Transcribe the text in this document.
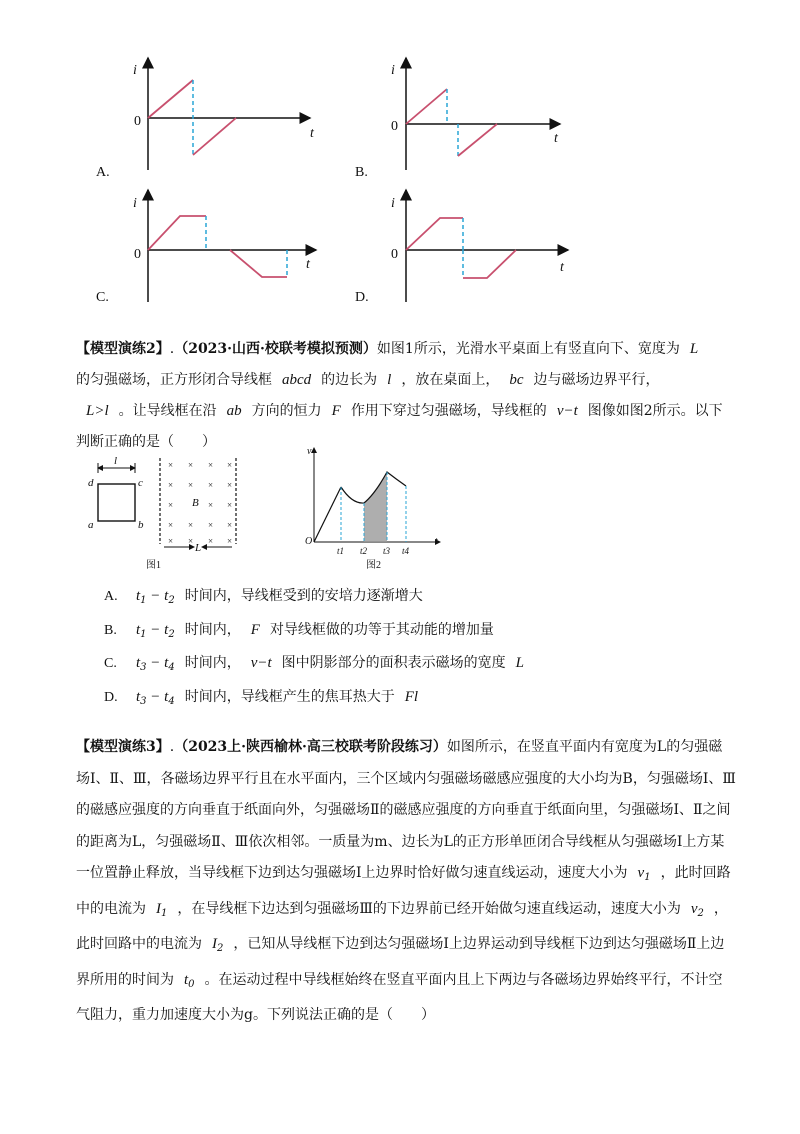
i
0
t
A.
i
0
t
B.
i
0
t
C.
i
0
t
D.

【模型演练2】.（2023·山西·校联考模拟预测）如图1所示，光滑水平桌面上有竖直向下、宽度为 L
的匀强磁场，正方形闭合导线框 abcd 的边长为 l ，放在桌面上， bc 边与磁场边界平行，
L>l 。让导线框在沿 ab 方向的恒力 F 作用下穿过匀强磁场，导线框的 v−t 图像如图2所示。以下判断正确的是（　　）

l
d	c
a	b
× × × ×
× × × ×
×	× ×
× × × ×
× × × ×
B
L
图1
v
O	t
t1 t2 t3 t4
图2
A. $t_1 - t_2$ 时间内，导线框受到的安培力逐渐增大
B. $t_1 - t_2$ 时间内， F 对导线框做的功等于其动能的增加量
C. $t_3 - t_4$ 时间内， v−t 图中阴影部分的面积表示磁场的宽度 L
D. $t_3 - t_4$ 时间内，导线框产生的焦耳热大于 Fl

【模型演练3】.（2023上·陕西榆林·高三校联考阶段练习）如图所示，在竖直平面内有宽度为L的匀强磁场Ⅰ、Ⅱ、Ⅲ，各磁场边界平行且在水平面内，三个区域内匀强磁场磁感应强度的大小均为B，匀强磁场Ⅰ、Ⅲ的磁感应强度的方向垂直于纸面向外，匀强磁场Ⅱ的磁感应强度的方向垂直于纸面向里，匀强磁场Ⅰ、Ⅱ之间的距离为L，匀强磁场Ⅱ、Ⅲ依次相邻。一质量为m、边长为L的正方形单匝闭合导线框从匀强磁场Ⅰ上方某一位置静止释放，当导线框下边到达匀强磁场Ⅰ上边界时恰好做匀速直线运动，速度大小为 $v_1$ ，此时回路中的电流为 $I_1$ ，在导线框下边达到匀强磁场Ⅲ的下边界前已经开始做匀速直线运动，速度大小为 $v_2$ ，此时回路中的电流为 $I_2$ ，已知从导线框下边到达匀强磁场Ⅰ上边界运动到导线框下边到达匀强磁场Ⅱ上边界所用的时间为 $t_0$ 。在运动过程中导线框始终在竖直平面内且上下两边与各磁场边界始终平行，不计空气阻力，重力加速度大小为g。下列说法正确的是（　　）
